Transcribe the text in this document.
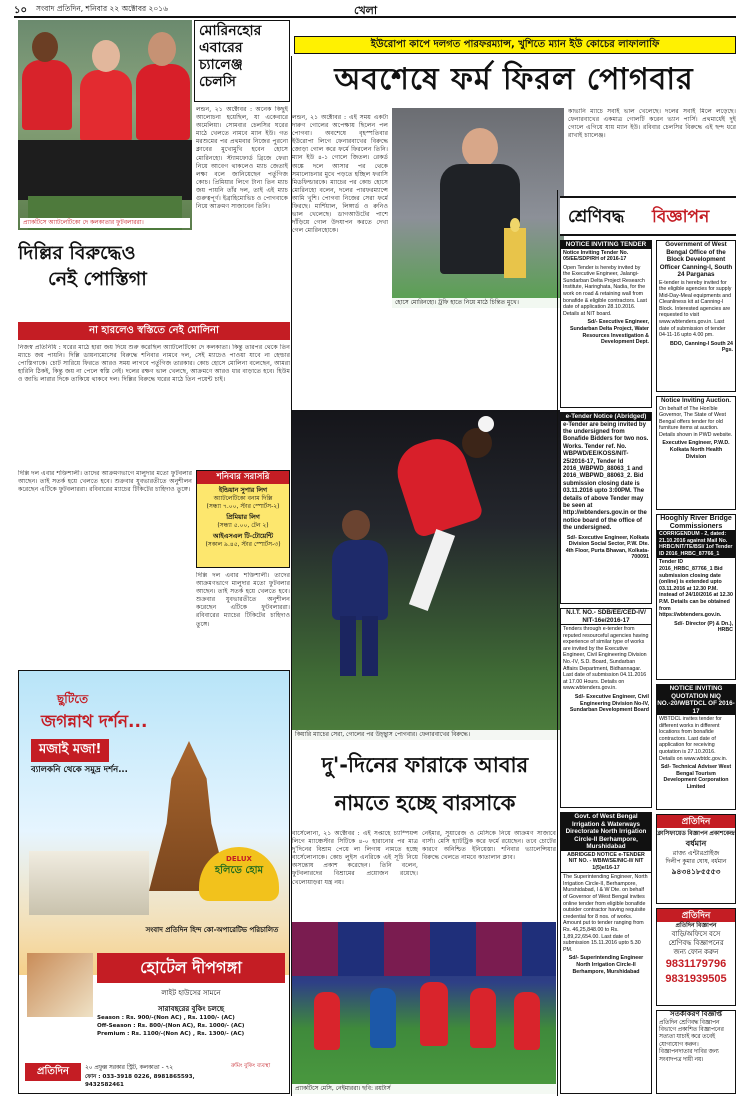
১০ সংবাদ প্রতিদিন, শনিবার ২২ অক্টোবর ২০১৬	খেলা
প্র্যাকটিসে অ্যাটলেটিকো দে কলকাতার ফুটবলাররা।
মোরিনহোর
এবারের
চ্যালেঞ্জ
চেলসি
লন্ডন, ২১ অক্টোবর : অনেক কিছুই আলোচনা হয়েছিল, যা একেবারে অমেলিয়া। সোমবার চেলসির ঘরের মাঠে খেলতে নামবে ম্যান ইউ। গত মরশুমের পর প্রথমবার নিজের পুরনো ক্লাবের মুখোমুখি হবেন হোসে মোরিনহো। স্ট্যামফোর্ড ব্রিজে ফেরা নিয়ে আবেগ থাকলেও ম্যাচ জেতাই লক্ষ্য বলে জানিয়েছেন পর্তুগিজ কোচ। প্রিমিয়ার লিগে টানা তিন ম্যাচ জয় পায়নি তাঁর দল, তাই এই ম্যাচ গুরুত্বপূর্ণ। ইব্রাহিমোভিচ ও পোগবাকে নিয়ে আক্রমণ সাজাবেন তিনি।
ইউরোপা কাপে দলগত পারফরম্যান্স, খুশিতে ম্যান ইউ কোচের লাফালাফি
অবশেষে ফর্ম ফিরল পোগবার
লন্ডন, ২১ অক্টোবর : এই সময় একটা দারুণ গোলের অপেক্ষায় ছিলেন পল পোগবা। অবশেষে বৃহস্পতিবার ইউরোপা লিগে ফেনারবাখের বিরুদ্ধে জোড়া গোল করে ফর্মে ফিরলেন তিনি। ম্যান ইউ ৪-১ গোলে জিতল। রেকর্ড অঙ্কে দলে আসার পর থেকে সমালোচনার মুখে পড়তে হচ্ছিল ফরাসি মিডফিল্ডারকে। ম্যাচের পর কোচ হোসে মোরিনহো বলেন, দলের পারফরম্যান্সে আমি খুশি। পোগবা নিজের সেরা ফর্মে ফিরছে। মার্শিয়াল, লিঙ্গার্ড ও রুনিও ভাল খেলেছে। ডাগআউটের পাশে দাঁড়িয়ে গোল উদযাপন করতে দেখা গেল মোরিনহোকে।
হোসে মোরিনহো। ট্রফি হাতে নিয়ে মাঠে চিন্তিত মুখে।
কাভানি ম্যাচে সবাই ভাল খেলেছে। দলের সবাই মিলে লড়েছে। ফেনারবাখের একমাত্র গোলটি করেন ভ্যান পার্সি। প্রথমার্ধেই দুই গোলে এগিয়ে যায় ম্যান ইউ। রবিবার চেলসির বিরুদ্ধে এই ছন্দ ধরে রাখাই চ্যালেঞ্জ।
শ্রেণিবদ্ধ বিজ্ঞাপন
দিল্লির বিরুদ্ধেও
নেই পোস্তিগা
না হারলেও স্বস্তিতে নেই মোলিনা
নিজস্ব প্রতিনিধি : ঘরের মাঠে হারা জয় দিয়ে শুরু করেছিল অ্যাটলেটিকো দে কলকাতা। কিন্তু তারপর থেকে তিন ম্যাচে জয় পায়নি। দিল্লি ডায়নামোসের বিরুদ্ধে শনিবার নামবে দল, সেই ম্যাচেও পাওয়া যাবে না হেল্ডার পোস্তিগাকে। চোট সারিয়ে ফিরতে আরও সময় লাগবে পর্তুগিজ তারকার। কোচ হোসে মোলিনা বলেছেন, আমরা হারিনি ঠিকই, কিন্তু জয় না পেলে স্বস্তি নেই। দলের রক্ষণ ভাল খেলছে, আক্রমণে আরও ধার বাড়াতে হবে। হিউম ও জাভি লারার দিকে তাকিয়ে থাকবে দল। দিল্লির বিরুদ্ধে ঘরের মাঠে তিন পয়েন্ট চাই।
শনিবার সরাসরি
ইন্ডিয়ান সুপার লিগ
অ্যাটলেটিকো বনাম দিল্লি
(সন্ধ্যা ৭.০০, স্টার স্পোর্টস-২)
প্রিমিয়ার লিগ
(সন্ধ্যা ৫.০০, টেন ২)
আইএসএল টি-টোয়েন্টি
(সকাল ৯.৪৫, স্টার স্পোর্টস-৩)
দিল্লি দল এবার শক্তিশালী। তাদের আক্রমণভাগে মালুদার মতো ফুটবলার আছেন। তাই সতর্ক হয়ে খেলতে হবে। শুক্রবার যুবভারতীতে অনুশীলন করেছেন এটিকে ফুটবলাররা। রবিবারের ম্যাচের টিকিটের চাহিদাও তুঙ্গে।
দিল্লি দল এবার শক্তিশালী। তাদের আক্রমণভাগে মালুদার মতো ফুটবলার আছেন। তাই সতর্ক হয়ে খেলতে হবে। শুক্রবার যুবভারতীতে অনুশীলন করেছেন এটিকে ফুটবলাররা। রবিবারের ম্যাচের টিকিটের চাহিদাও তুঙ্গে।
কিয়ারি ম্যাচের সেরা, গোলের পর উচ্ছ্বাস পোগবার। ফেনারবাখের বিরুদ্ধে।
ছুটিতে
জগন্নাথ দর্শন...
মজাই মজা!
ব্যালকনি থেকে সমুদ্র দর্শন...
DELUX
হলিডে হোম
সংবাদ প্রতিদিন হিন্দ কো-অপারেটিভ পরিচালিত
হোটেল দীপগঙ্গা
লাইট হাউসের সামনে
সারাবছরের বুকিং চলছে
Season : Rs. 900/-(Non AC) , Rs. 1100/- (AC)
Off-Season : Rs. 800/-(Non AC), Rs. 1000/- (AC)
Premium : Rs. 1100/-(Non AC) , Rs. 1300/- (AC)
প্রতিদিন	২০ প্রফুল্ল সরকার স্ট্রিট, কলকাতা - ৭২
ফোন : 033-3918 0226, 8981865593, 9432582461
রুমিং বুকিং ব্যবস্থা
দু'-দিনের ফারাকে আবার নামতে হচ্ছে বারসাকে
বার্সেলোনা, ২১ অক্টোবর : এই সপ্তাহে চ্যাম্পিয়ন্স লিগে ম্যাঞ্চেস্টার সিটিকে ৪-০ হারানোর পর মাত্র দু'দিনের বিশ্রাম পেয়ে লা লিগায় নামতে হচ্ছে বার্সেলোনাকে। কোচ লুইস এনরিকে এই সূচি নিয়ে অসন্তোষ প্রকাশ করেছেন। তিনি বলেন, ফুটবলারদের বিশ্রামের প্রয়োজন রয়েছে। খেলোয়াড়রা যন্ত্র নয়।
নেইমার, সুয়ারেজ ও মেসিকে নিয়ে আক্রমণ সাজাবে বার্সা। মেসি হ্যাটট্রিক করে ফর্মে রয়েছেন। তবে চোটের কারণে অনিশ্চিত ইনিয়েস্তা। শনিবার ভ্যালেন্সিয়ার বিরুদ্ধে খেলতে নামবে কাতালান ক্লাব।
প্র্যাকটিসে মেসি, নেইমাররা। ছবি: রয়টার্স
NOTICE INVITING TENDER
Notice Inviting Tender No. 05/EE/SDP/RH of 2016-17
Open Tender is hereby invited by the Executive Engineer, Jalangi-Sundarban Delta Project Research Institute, Haringhata, Nadia, for the work on road & retaining wall from bonafide & eligible contractors. Last date of application 28.10.2016. Details at NIT board.
Sd/- Executive Engineer, Sundarban Delta Project, Water Resources Investigation & Development Dept.
e-Tender Notice (Abridged)
e-Tender are being invited by the undersigned from Bonafide Bidders for two nos. Works. Tender ref. No. WBPWD/EE/KOSS/NIT-25/2016-17, Tender Id 2016_WBPWD_88063_1 and 2016_WBPWD_88063_2. Bid submission closing date is 03.11.2016 upto 3:00PM. The details of above Tender may be seen at http://wbtenders.gov.in or the notice board of the office of the undersigned.
Sd/- Executive Engineer, Kolkata Division Social Sector, P.W. Dte. 4th Floor, Purta Bhavan, Kolkata-700091
N.I.T. NO.- SDB/EE/CED-IV/ NIT-16e/2016-17
Tenders through e-tender from reputed resourceful agencies having experience of similar type of works are invited by the Executive Engineer, Civil Engineering Division No.-IV, S.D. Board, Sundarban Affairs Department, Bidhannagar. Last date of submission 04.11.2016 at 17.00 Hours. Details on www.wbtenders.gov.in.
Sd/- Executive Engineer, Civil Engineering Division No-IV, Sundarban Development Board
Govt. of West Bengal Irrigation & Waterways Directorate North Irrigation Circle-II Berhampore, Murshidabad
ABRIDGED NOTICE e-TENDER NIT NO. - WBIW/SE/NIC-II/ NIT 1(5)e/16-17
The Superintending Engineer, North Irrigation Circle-II, Berhampore, Murshidabad, I & W Dte. on behalf of Governor of West Bengal invites online tender from eligible bonafide outsider contractor having requisite credential for 8 nos. of works. Amount put to tender ranging from Rs. 46,25,848.00 to Rs. 1,89,22,654.00. Last date of submission 15.11.2016 upto 5.30 PM.
Sd/- Superintending Engineer North Irrigation Circle-II Berhampore, Murshidabad
Government of West Bengal Office of the Block Development Officer Canning-I, South 24 Parganas
E-tender is hereby invited for the eligible agencies for supply Mid-Day-Meal equipments and Cleanliness kit at Canning-I Block. Interested agencies are requested to visit www.wbtenders.gov.in. Last date of submission of tender 04-11-16 upto 4.00 pm.
BDO, Canning-I South 24 Pgs.
Notice Inviting Auction.
On behalf of The Hon'ble Governor, The State of West Bengal offers tender for old furniture items at auction. Details shown in PWD website.
Executive Engineer, P.W.D. Kolkata North Health Division
Hooghly River Bridge Commissioners
CORRIGENDUM - 2, dated: 21.10.2016 against Mail No. HRBC/NIT/TE/BSI/ 1of Tender ID 2016_HRBC_87766_1
Tender ID 2016_HRBC_87766_1 Bid submission closing date (online) is extended upto 03.11.2016 at 12.30 P.M. instead of 24/10/2016 at 12.30 P.M. Details can be obtained from https://wbtenders.gov.in.
Sd/- Director (P) & Dn.), HRBC
NOTICE INVITING QUOTATION NIQ NO.-20/WBTDCL OF 2016-17
WBTDCL invites tender for different works in different locations from bonafide contractors. Last date of application for receiving quotation is 27.10.2016. Details on www.wbtdc.gov.in.
Sd/- Technical Adviser West Bengal Tourism Development Corporation Limited
প্রতিদিন
ক্লাসিফায়েড বিজ্ঞাপন প্রকাশকেন্দ্র
বর্ধমান
রাজ্য এন্টারপ্রাইজ
দিলীপ কুমার ঘোষ, বর্ধমান
৯৪৩৪১৮৫৫৫৩
প্রতিদিন
প্রতিদিন বিজ্ঞাপন
বাড়ি/অফিসে বসে
শ্রেণিবদ্ধ বিজ্ঞাপনের
জন্য ফোন করুন
9831179796
9831939505
সতর্কীকরণ বিজ্ঞপ্তি
প্রতিদিন শ্রেণিবদ্ধ বিজ্ঞাপন বিভাগে প্রকাশিত বিজ্ঞাপনের সত্যতা যাচাই করে তবেই যোগাযোগ করুন। বিজ্ঞাপনদাতার দাবির জন্য সংবাদপত্র দায়ী নয়।
